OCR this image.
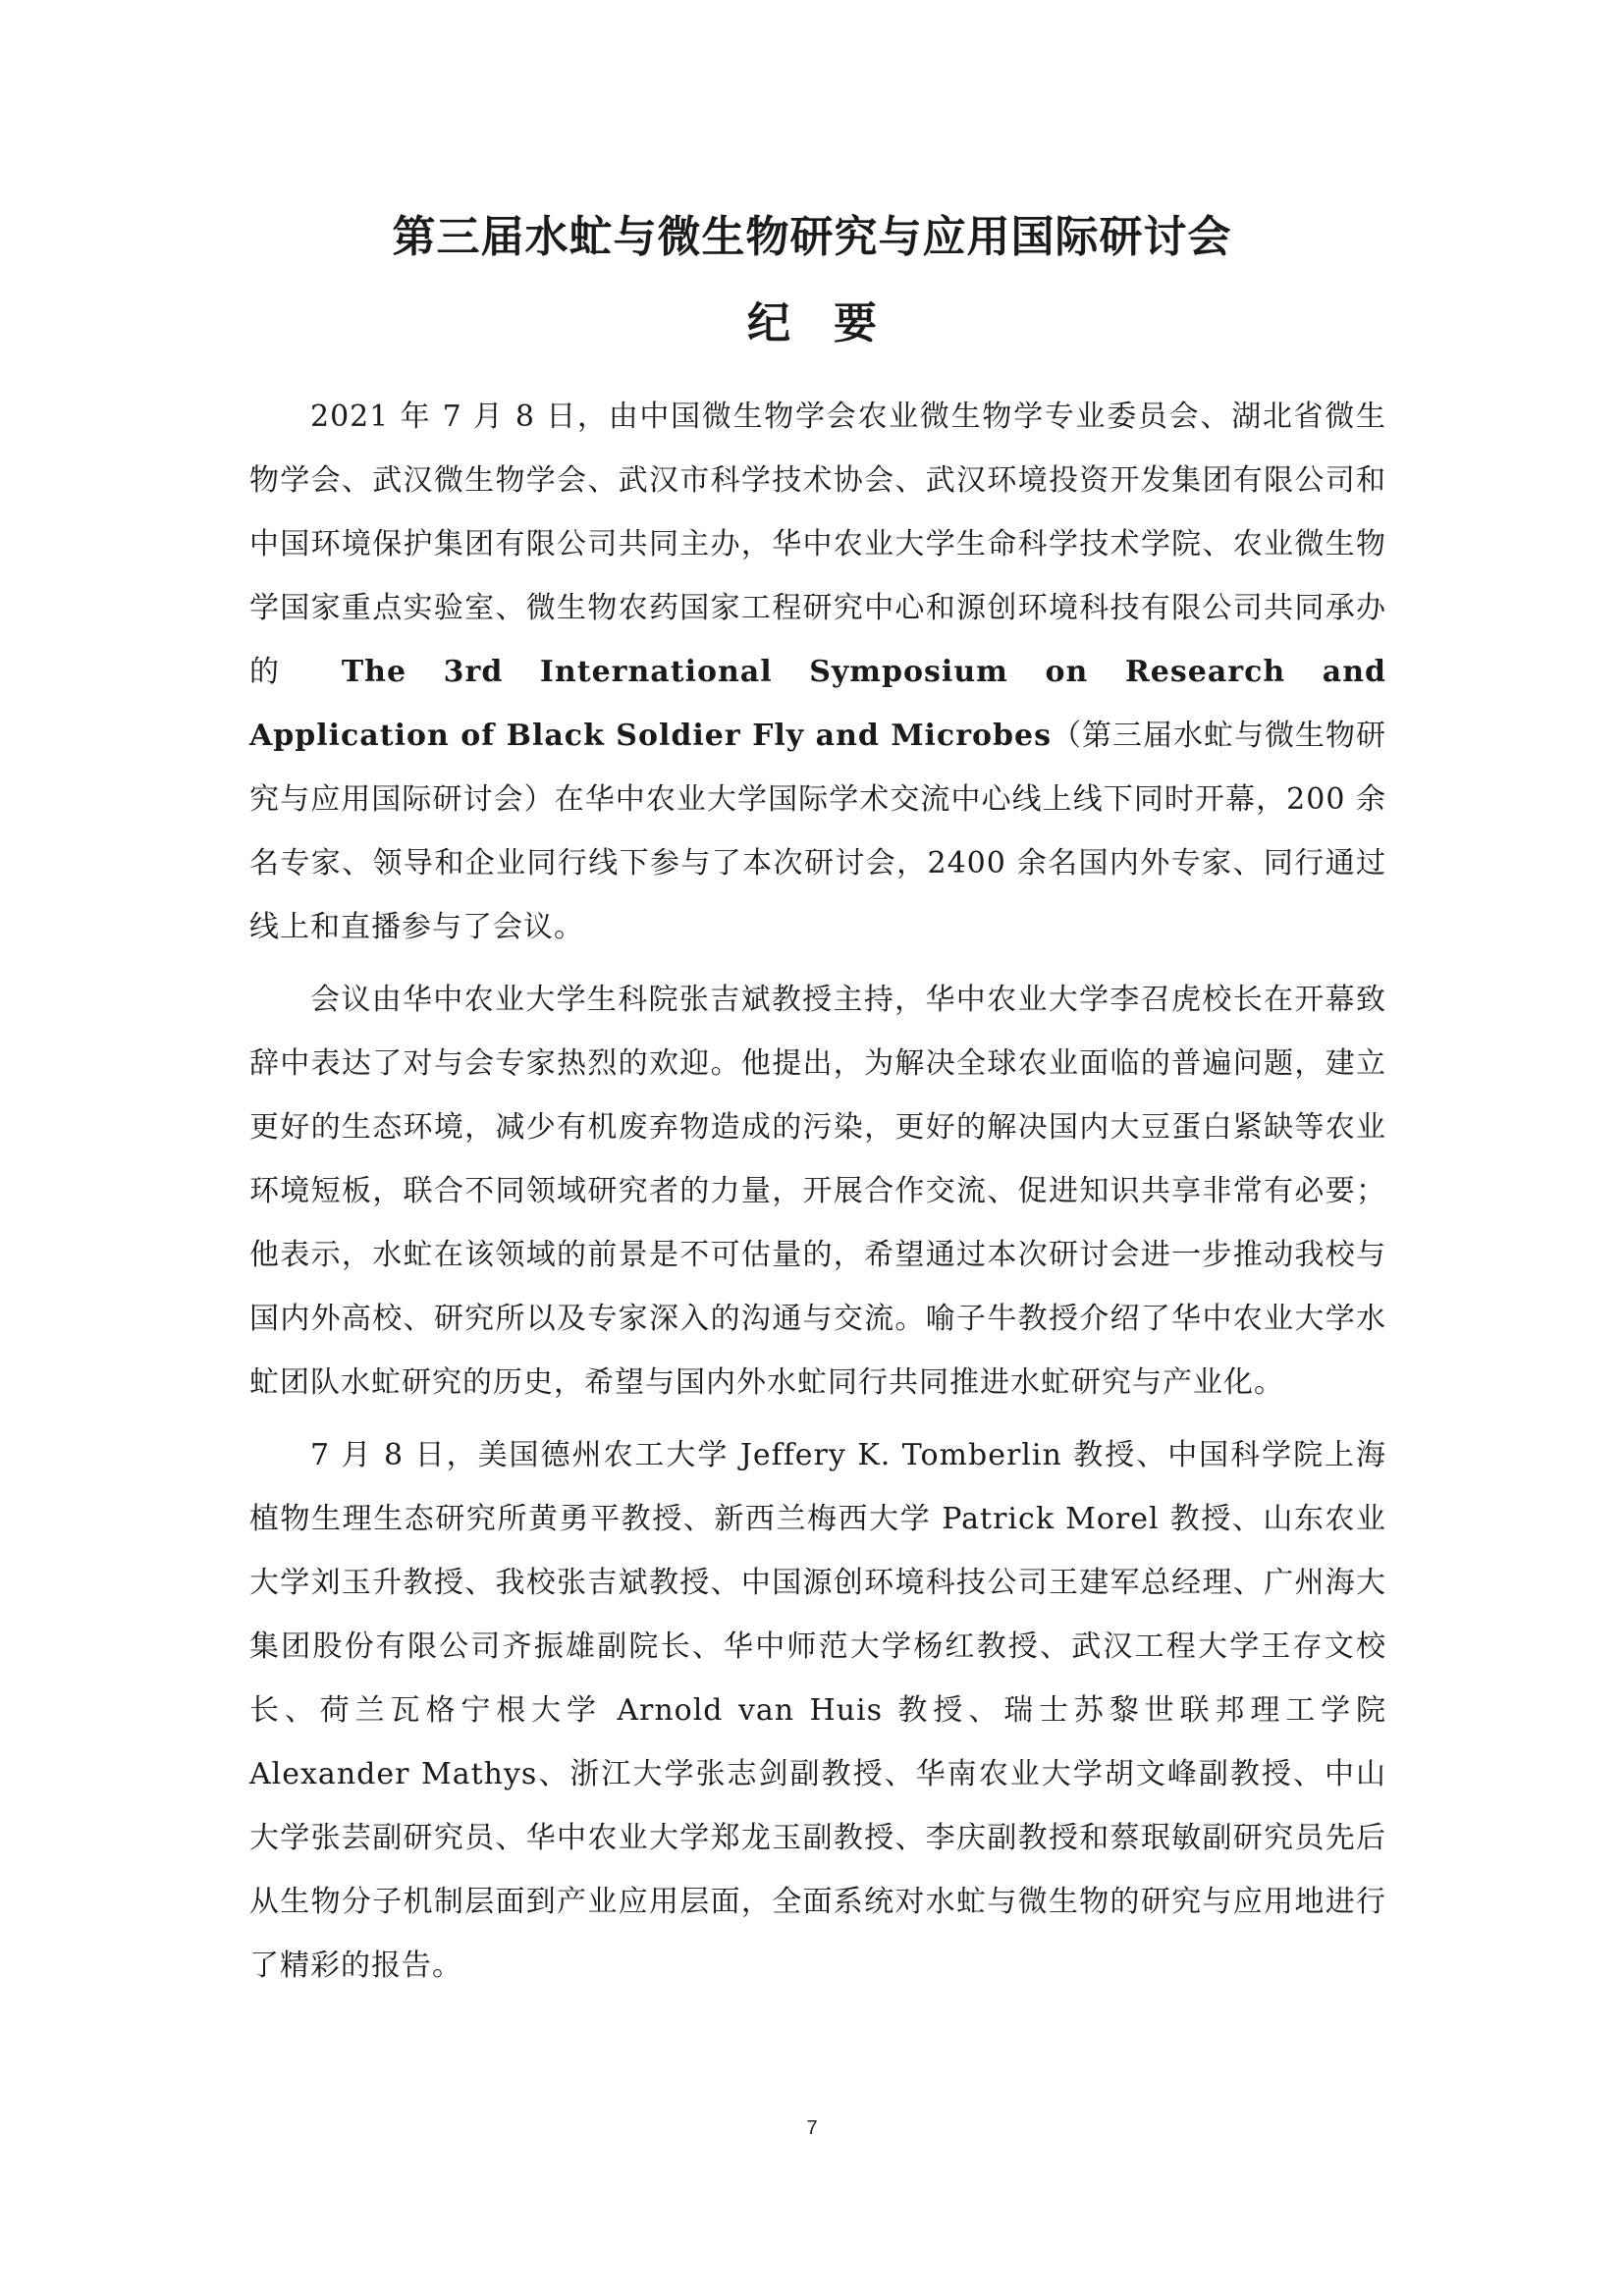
第三届水虻与微生物研究与应用国际研讨会
纪 要

2021 年 7 月 8 日，由中国微生物学会农业微生物学专业委员会、湖北省微生物学会、武汉微生物学会、武汉市科学技术协会、武汉环境投资开发集团有限公司和中国环境保护集团有限公司共同主办，华中农业大学生命科学技术学院、农业微生物学国家重点实验室、微生物农药国家工程研究中心和源创环境科技有限公司共同承办的 The 3rd International Symposium on Research and Application of Black Soldier Fly and Microbes（第三届水虻与微生物研究与应用国际研讨会）在华中农业大学国际学术交流中心线上线下同时开幕，200 余名专家、领导和企业同行线下参与了本次研讨会，2400 余名国内外专家、同行通过线上和直播参与了会议。

会议由华中农业大学生科院张吉斌教授主持，华中农业大学李召虎校长在开幕致辞中表达了对与会专家热烈的欢迎。他提出，为解决全球农业面临的普遍问题，建立更好的生态环境，减少有机废弃物造成的污染，更好的解决国内大豆蛋白紧缺等农业环境短板，联合不同领域研究者的力量，开展合作交流、促进知识共享非常有必要；他表示，水虻在该领域的前景是不可估量的，希望通过本次研讨会进一步推动我校与国内外高校、研究所以及专家深入的沟通与交流。喻子牛教授介绍了华中农业大学水虻团队水虻研究的历史，希望与国内外水虻同行共同推进水虻研究与产业化。

7 月 8 日，美国德州农工大学 Jeffery K. Tomberlin 教授、中国科学院上海植物生理生态研究所黄勇平教授、新西兰梅西大学 Patrick Morel 教授、山东农业大学刘玉升教授、我校张吉斌教授、中国源创环境科技公司王建军总经理、广州海大集团股份有限公司齐振雄副院长、华中师范大学杨红教授、武汉工程大学王存文校长、荷兰瓦格宁根大学 Arnold van Huis 教授、瑞士苏黎世联邦理工学院 Alexander Mathys、浙江大学张志剑副教授、华南农业大学胡文峰副教授、中山大学张芸副研究员、华中农业大学郑龙玉副教授、李庆副教授和蔡珉敏副研究员先后从生物分子机制层面到产业应用层面，全面系统对水虻与微生物的研究与应用地进行了精彩的报告。

7
